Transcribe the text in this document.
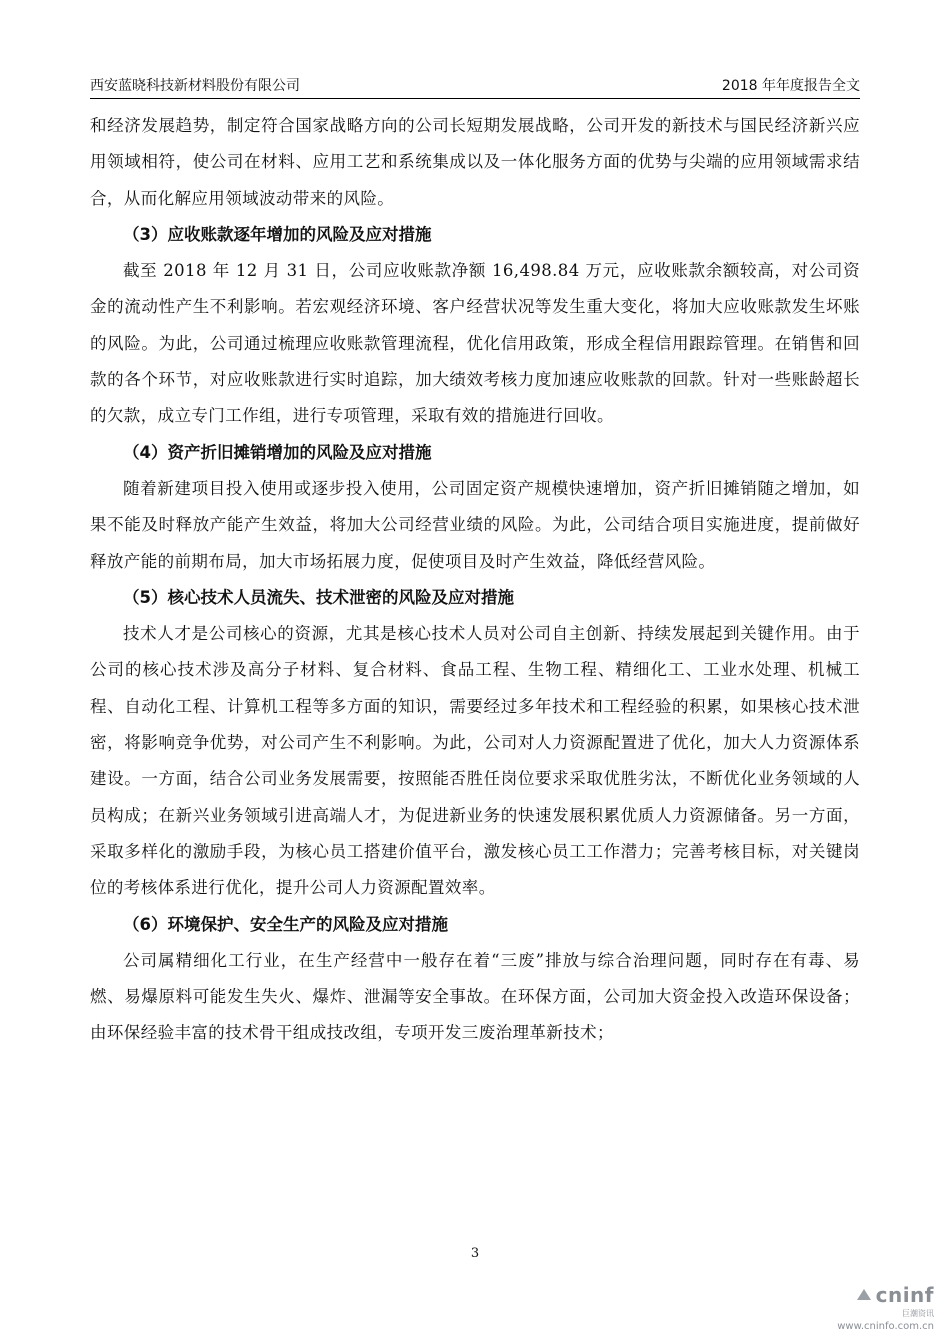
西安蓝晓科技新材料股份有限公司	2018 年年度报告全文

和经济发展趋势，制定符合国家战略方向的公司长短期发展战略，公司开发的新技术与国民经济新兴应用领域相符，使公司在材料、应用工艺和系统集成以及一体化服务方面的优势与尖端的应用领域需求结合，从而化解应用领域波动带来的风险。

（3）应收账款逐年增加的风险及应对措施

截至 2018 年 12 月 31 日，公司应收账款净额 16,498.84 万元，应收账款余额较高，对公司资金的流动性产生不利影响。若宏观经济环境、客户经营状况等发生重大变化，将加大应收账款发生坏账的风险。为此，公司通过梳理应收账款管理流程，优化信用政策，形成全程信用跟踪管理。在销售和回款的各个环节，对应收账款进行实时追踪，加大绩效考核力度加速应收账款的回款。针对一些账龄超长的欠款，成立专门工作组，进行专项管理，采取有效的措施进行回收。

（4）资产折旧摊销增加的风险及应对措施

随着新建项目投入使用或逐步投入使用，公司固定资产规模快速增加，资产折旧摊销随之增加，如果不能及时释放产能产生效益，将加大公司经营业绩的风险。为此，公司结合项目实施进度，提前做好释放产能的前期布局，加大市场拓展力度，促使项目及时产生效益，降低经营风险。

（5）核心技术人员流失、技术泄密的风险及应对措施

技术人才是公司核心的资源，尤其是核心技术人员对公司自主创新、持续发展起到关键作用。由于公司的核心技术涉及高分子材料、复合材料、食品工程、生物工程、精细化工、工业水处理、机械工程、自动化工程、计算机工程等多方面的知识，需要经过多年技术和工程经验的积累，如果核心技术泄密，将影响竞争优势，对公司产生不利影响。为此，公司对人力资源配置进了优化，加大人力资源体系建设。一方面，结合公司业务发展需要，按照能否胜任岗位要求采取优胜劣汰，不断优化业务领域的人员构成；在新兴业务领域引进高端人才，为促进新业务的快速发展积累优质人力资源储备。另一方面，采取多样化的激励手段，为核心员工搭建价值平台，激发核心员工工作潜力；完善考核目标，对关键岗位的考核体系进行优化，提升公司人力资源配置效率。

（6）环境保护、安全生产的风险及应对措施

公司属精细化工行业，在生产经营中一般存在着“三废”排放与综合治理问题，同时存在有毒、易燃、易爆原料可能发生失火、爆炸、泄漏等安全事故。在环保方面，公司加大资金投入改造环保设备；由环保经验丰富的技术骨干组成技改组，专项开发三废治理革新技术；

3
cninf
巨潮资讯
www.cninfo.com.cn
